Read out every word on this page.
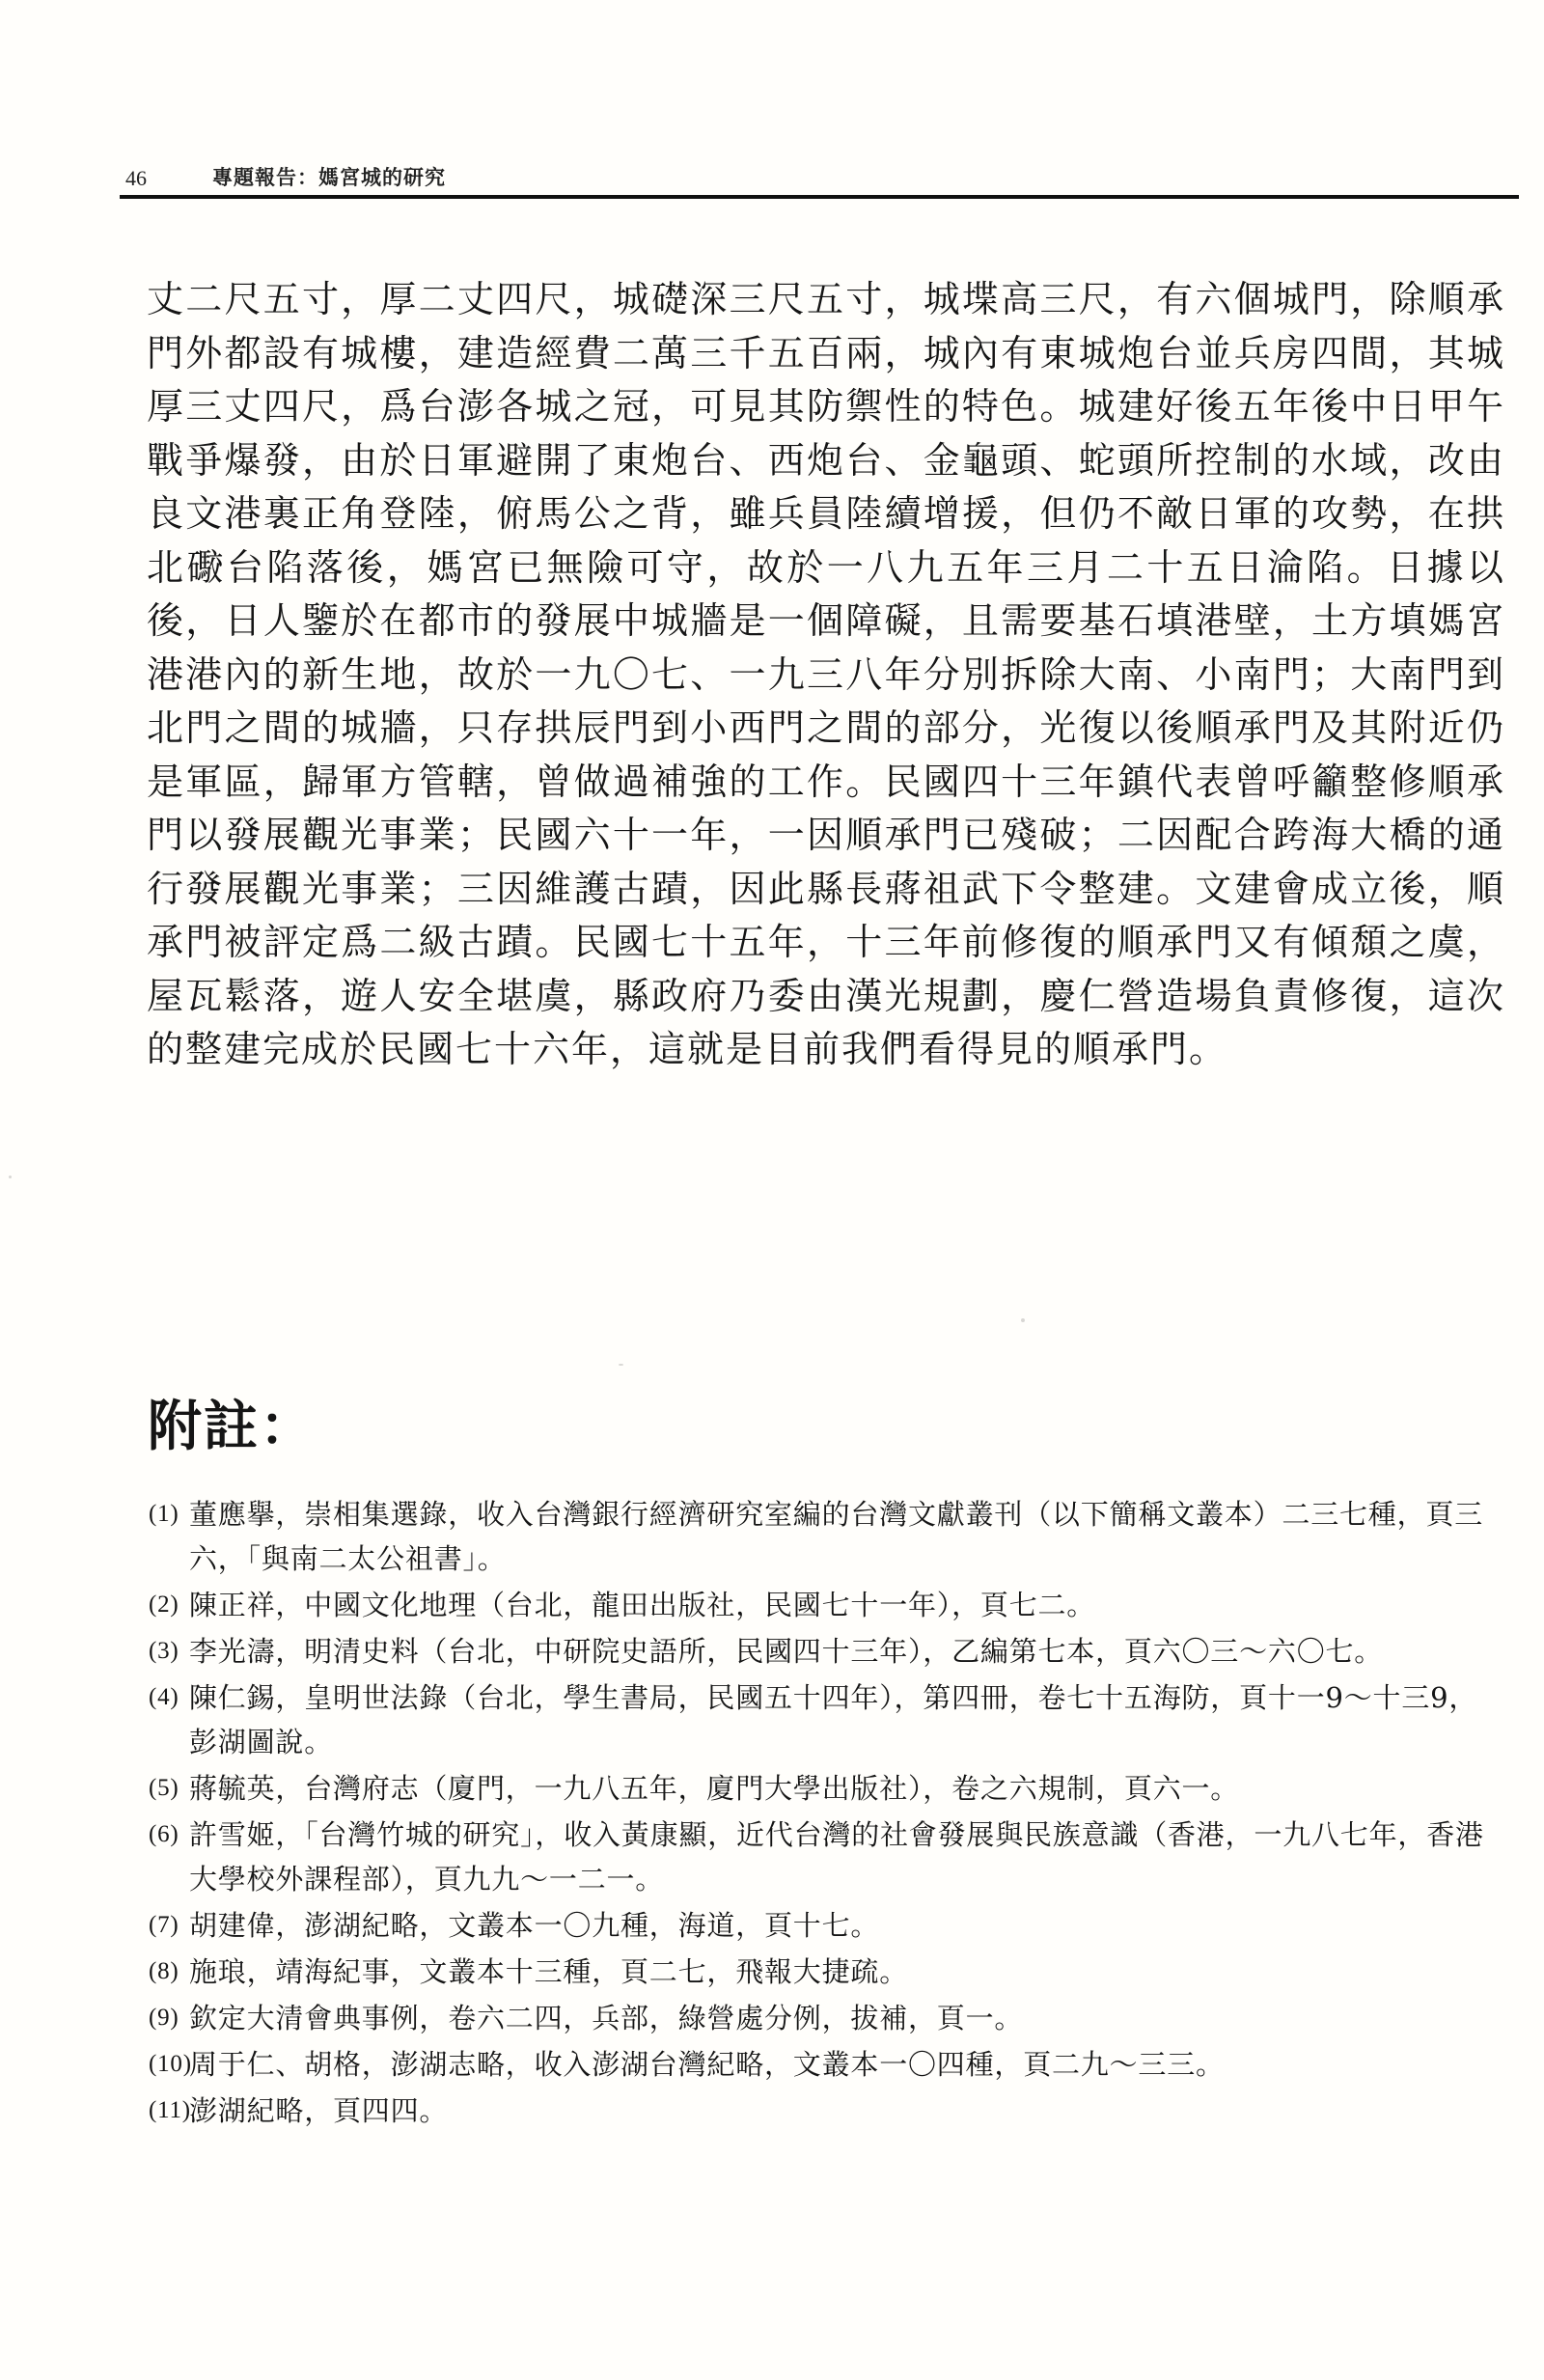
46	專題報告：媽宮城的研究

丈二尺五寸，厚二丈四尺，城礎深三尺五寸，城堞高三尺，有六個城門，除順承門外都設有城樓，建造經費二萬三千五百兩，城內有東城炮台並兵房四間，其城厚三丈四尺，爲台澎各城之冠，可見其防禦性的特色。城建好後五年後中日甲午戰爭爆發，由於日軍避開了東炮台、西炮台、金龜頭、蛇頭所控制的水域，改由良文港裏正角登陸，俯馬公之背，雖兵員陸續增援，但仍不敵日軍的攻勢，在拱北礮台陷落後，媽宮已無險可守，故於一八九五年三月二十五日淪陷。日據以後，日人鑒於在都市的發展中城牆是一個障礙，且需要基石填港壁，土方填媽宮港港內的新生地，故於一九〇七、一九三八年分別拆除大南、小南門；大南門到北門之間的城牆，只存拱辰門到小西門之間的部分，光復以後順承門及其附近仍是軍區，歸軍方管轄，曾做過補強的工作。民國四十三年鎮代表曾呼籲整修順承門以發展觀光事業；民國六十一年，一因順承門已殘破；二因配合跨海大橋的通行發展觀光事業；三因維護古蹟，因此縣長蔣祖武下令整建。文建會成立後，順承門被評定爲二級古蹟。民國七十五年，十三年前修復的順承門又有傾頹之虞，屋瓦鬆落，遊人安全堪虞，縣政府乃委由漢光規劃，慶仁營造場負責修復，這次的整建完成於民國七十六年，這就是目前我們看得見的順承門。

附註：
(1) 董應擧，崇相集選錄，收入台灣銀行經濟研究室編的台灣文獻叢刊（以下簡稱文叢本）二三七種，頁三六，「與南二太公祖書」。
(2) 陳正祥，中國文化地理（台北，龍田出版社，民國七十一年），頁七二。
(3) 李光濤，明清史料（台北，中研院史語所，民國四十三年），乙編第七本，頁六〇三～六〇七。
(4) 陳仁錫，皇明世法錄（台北，學生書局，民國五十四年），第四冊，卷七十五海防，頁十一9～十三9，彭湖圖說。
(5) 蔣毓英，台灣府志（廈門，一九八五年，廈門大學出版社），卷之六規制，頁六一。
(6) 許雪姬，「台灣竹城的研究」，收入黃康顯，近代台灣的社會發展與民族意識（香港，一九八七年，香港大學校外課程部），頁九九～一二一。
(7) 胡建偉，澎湖紀略，文叢本一〇九種，海道，頁十七。
(8) 施琅，靖海紀事，文叢本十三種，頁二七，飛報大捷疏。
(9) 欽定大清會典事例，卷六二四，兵部，綠營處分例，拔補，頁一。
(10)
周于仁、胡格，澎湖志略，收入澎湖台灣紀略，文叢本一〇四種，頁二九～三三。
(11)
澎湖紀略，頁四四。
